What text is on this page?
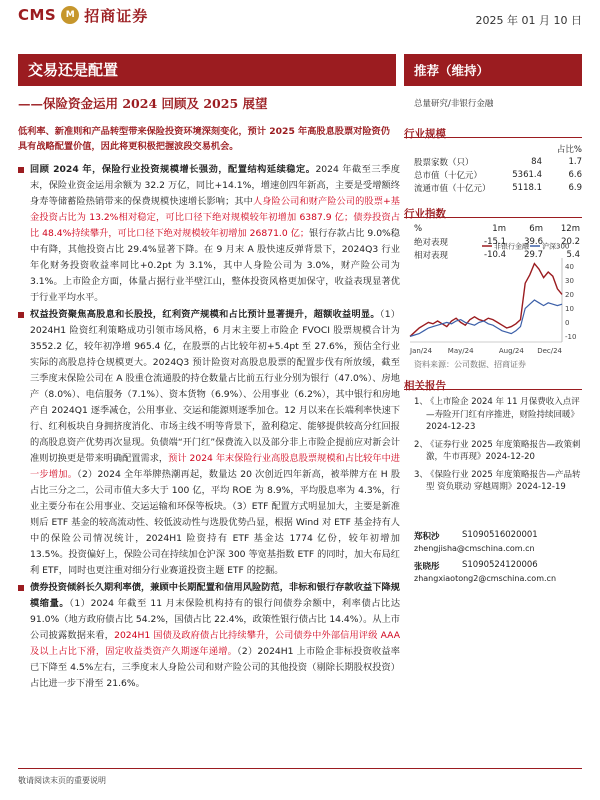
CMS	M 招商证券	2025 年 01 月 10 日
交易还是配置	推荐（维持）
——保险资金运用 2024 回顾及 2025 展望	总量研究/非银行金融
低利率、新准则和产品转型带来保险投资环境深刻变化，预计 2025 年高股息股票对险资仍具有战略配置价值，因此将更积极把握波段交易机会。
回顾 2024 年，保险行业投资规模增长强劲，配置结构延续稳定。2024 年截至三季度末，保险业资金运用余额为 32.2 万亿，同比+14.1%，增速创四年新高，主要是受增额终身寿等储蓄险热销带来的保费规模快速增长影响；其中人身险公司和财产险公司的股票+基金投资占比为 13.2%相对稳定，可比口径下绝对规模较年初增加 6387.9 亿；债券投资占比 48.4%持续攀升，可比口径下绝对规模较年初增加 26871.0 亿；银行存款占比 9.0%稳中有降，其他投资占比 29.4%显著下降。在 9 月末 A 股快速反弹背景下，2024Q3 行业年化财务投资收益率同比+0.2pt 为 3.1%，其中人身险公司为 3.0%，财产险公司为 3.1%。上市险企方面，体量占据行业半壁江山，整体投资风格更加保守，收益表现显著优于行业平均水平。
权益投资聚焦高股息和长股投，红利资产规模和占比预计显著提升，超额收益明显。（1）2024H1 险资红利策略成功引领市场风格，6 月末主要上市险企 FVOCI 股票规模合计为 3552.2 亿，较年初净增 965.4 亿，在股票的占比较年初+5.4pt 至 27.6%，预估全行业实际的高股息持仓规模更大。2024Q3 预计险资对高股息股票的配置步伐有所放缓，截至三季度末保险公司在 A 股重仓流通股的持仓数量占比前五行业分别为银行（47.0%）、房地产（8.0%）、电信服务（7.1%）、资本货物（6.9%）、公用事业（6.2%），其中银行和房地产自 2024Q1 逐季减仓，公用事业、交运和能源则逐季加仓。12 月以来在长端利率快速下行、红利板块自身拥挤度消化、市场主线不明等背景下，盈利稳定、能够提供较高分红回报的高股息资产优势再次显现。负债端“开门红”保费流入以及部分非上市险企提前应对新会计准则切换更是带来明确配置需求，预计 2024 年末保险行业高股息股票规模和占比较年中进一步增加。（2）2024 全年举牌热潮再起，数量达 20 次创近四年新高，被举牌方在 H 股占比三分之二，公司市值大多大于 100 亿，平均 ROE 为 8.9%，平均股息率为 4.3%，行业主要分布在公用事业、交运运输和环保等板块。（3）ETF 配置方式明显加大，主要是新准则后 ETF 基金的较高流动性、较低波动性与选股优势凸显，根据 Wind 对 ETF 基金持有人中的保险公司情况统计，2024H1 险资持有 ETF 基金达 1774 亿份，较年初增加 13.5%。投资偏好上，保险公司在持续加仓沪深 300 等宽基指数 ETF 的同时，加大布局红利 ETF，同时也更注重对细分行业赛道投资主题 ETF 的挖掘。
债券投资倾斜长久期利率债，兼顾中长期配置和信用风险防范，非标和银行存款收益下降规模缩量。（1）2024 年截至 11 月末保险机构持有的银行间债券余额中，利率债占比达 91.0%（地方政府债占比 54.2%，国债占比 22.4%，政策性银行债占比 14.4%）。从上市公司披露数据来看，2024H1 国债及政府债占比持续攀升，公司债券中外部信用评级 AAA 及以上占比下滑，固定收益类资产久期逐年递增。（2）2024H1 上市险企非标投资收益率已下降至 4.5%左右，三季度末人身险公司和财产险公司的其他投资（剔除长期股权投资）占比进一步下滑至 21.6%。
行业规模
占比%
股票家数（只）	84	1.7
总市值（十亿元）	5361.4	6.6
流通市值（十亿元）	5118.1	6.9
行业指数
%	1m	6m	12m
绝对表现	-15.1	39.6	20.2
相对表现	-10.4	29.7	5.4
40
30
20
10
0
-10
Jan/24 May/24	Aug/24 Dec/24
非银行金融 沪深300
资料来源：公司数据、招商证券
相关报告
1、
《上市险企 2024 年 11 月保费收入点评—寿险开门红有序推进，财险持续回暖》2024-12-23
2、
《证券行业 2025 年度策略报告—政策刺激，牛市再现》2024-12-20
3、
《保险行业 2025 年度策略报告—产品转型 资负联动 穿越周期》2024-12-19
郑积沙	S1090516020001
zhengjisha@cmschina.com.cn
张晓彤	S1090524120006
zhangxiaotong2@cmschina.com.cn
敬请阅读末页的重要说明
